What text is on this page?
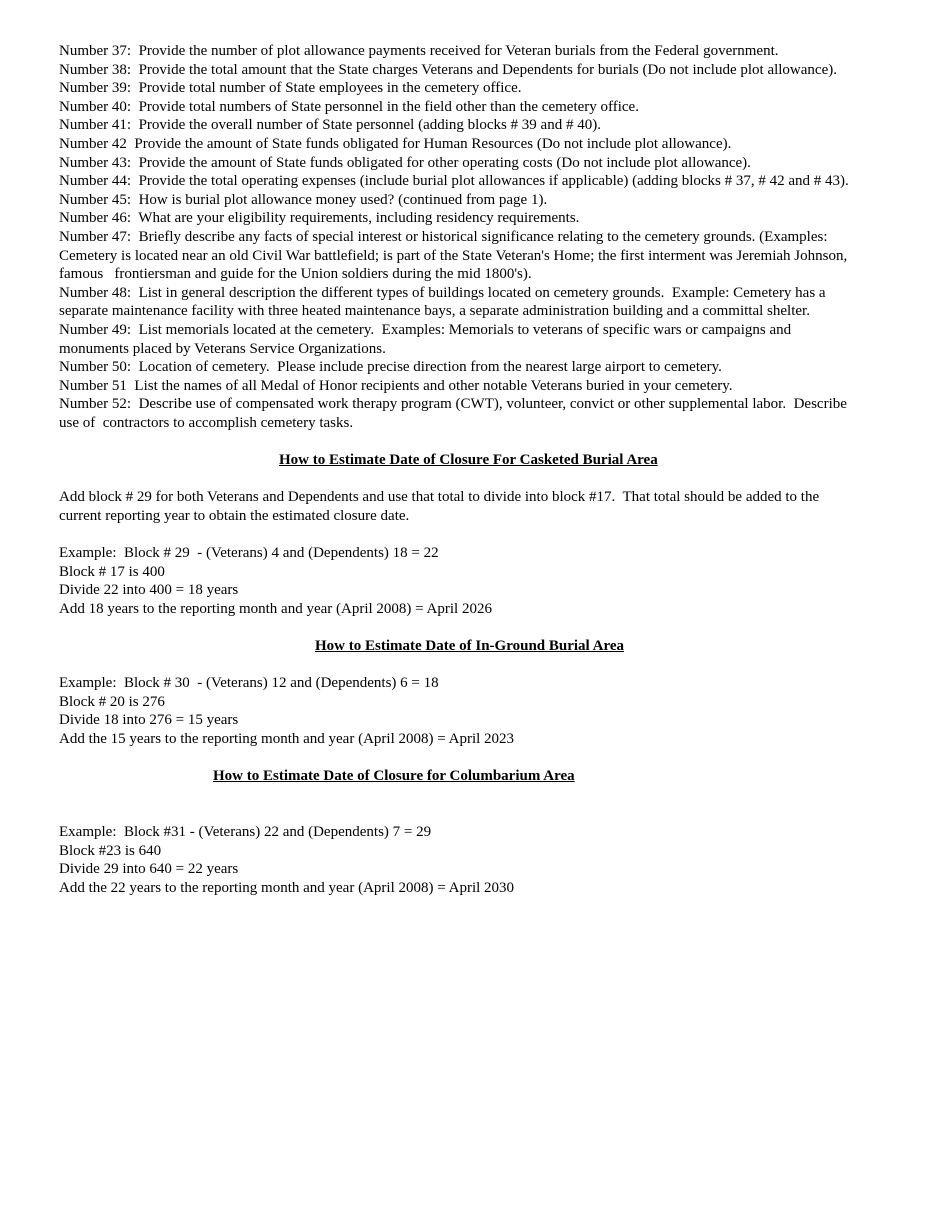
Number 37:  Provide the number of plot allowance payments received for Veteran burials from the Federal government.
Number 38:  Provide the total amount that the State charges Veterans and Dependents for burials (Do not include plot allowance).
Number 39:  Provide total number of State employees in the cemetery office.
Number 40:  Provide total numbers of State personnel in the field other than the cemetery office.
Number 41:  Provide the overall number of State personnel (adding blocks # 39 and # 40).
Number 42  Provide the amount of State funds obligated for Human Resources (Do not include plot allowance).
Number 43:  Provide the amount of State funds obligated for other operating costs (Do not include plot allowance).
Number 44:  Provide the total operating expenses (include burial plot allowances if applicable) (adding blocks # 37, # 42 and # 43).
Number 45:  How is burial plot allowance money used? (continued from page 1).
Number 46:  What are your eligibility requirements, including residency requirements.
Number 47:  Briefly describe any facts of special interest or historical significance relating to the cemetery grounds. (Examples:
Cemetery is located near an old Civil War battlefield; is part of the State Veteran's Home; the first interment was Jeremiah Johnson,
famous   frontiersman and guide for the Union soldiers during the mid 1800's).
Number 48:  List in general description the different types of buildings located on cemetery grounds.  Example: Cemetery has a
separate maintenance facility with three heated maintenance bays, a separate administration building and a committal shelter.
Number 49:  List memorials located at the cemetery.  Examples: Memorials to veterans of specific wars or campaigns and
monuments placed by Veterans Service Organizations.
Number 50:  Location of cemetery.  Please include precise direction from the nearest large airport to cemetery.
Number 51  List the names of all Medal of Honor recipients and other notable Veterans buried in your cemetery.
Number 52:  Describe use of compensated work therapy program (CWT), volunteer, convict or other supplemental labor.  Describe
use of  contractors to accomplish cemetery tasks.
How to Estimate Date of Closure For Casketed Burial Area
Add block # 29 for both Veterans and Dependents and use that total to divide into block #17.  That total should be added to the
current reporting year to obtain the estimated closure date.
Example:  Block # 29  - (Veterans) 4 and (Dependents) 18 = 22
Block # 17 is 400
Divide 22 into 400 = 18 years
Add 18 years to the reporting month and year (April 2008) = April 2026
How to Estimate Date of In-Ground Burial Area
Example:  Block # 30  - (Veterans) 12 and (Dependents) 6 = 18
Block # 20 is 276
Divide 18 into 276 = 15 years
Add the 15 years to the reporting month and year (April 2008) = April 2023
How to Estimate Date of Closure for Columbarium Area
Example:  Block #31 - (Veterans) 22 and (Dependents) 7 = 29
Block #23 is 640
Divide 29 into 640 = 22 years
Add the 22 years to the reporting month and year (April 2008) = April 2030
